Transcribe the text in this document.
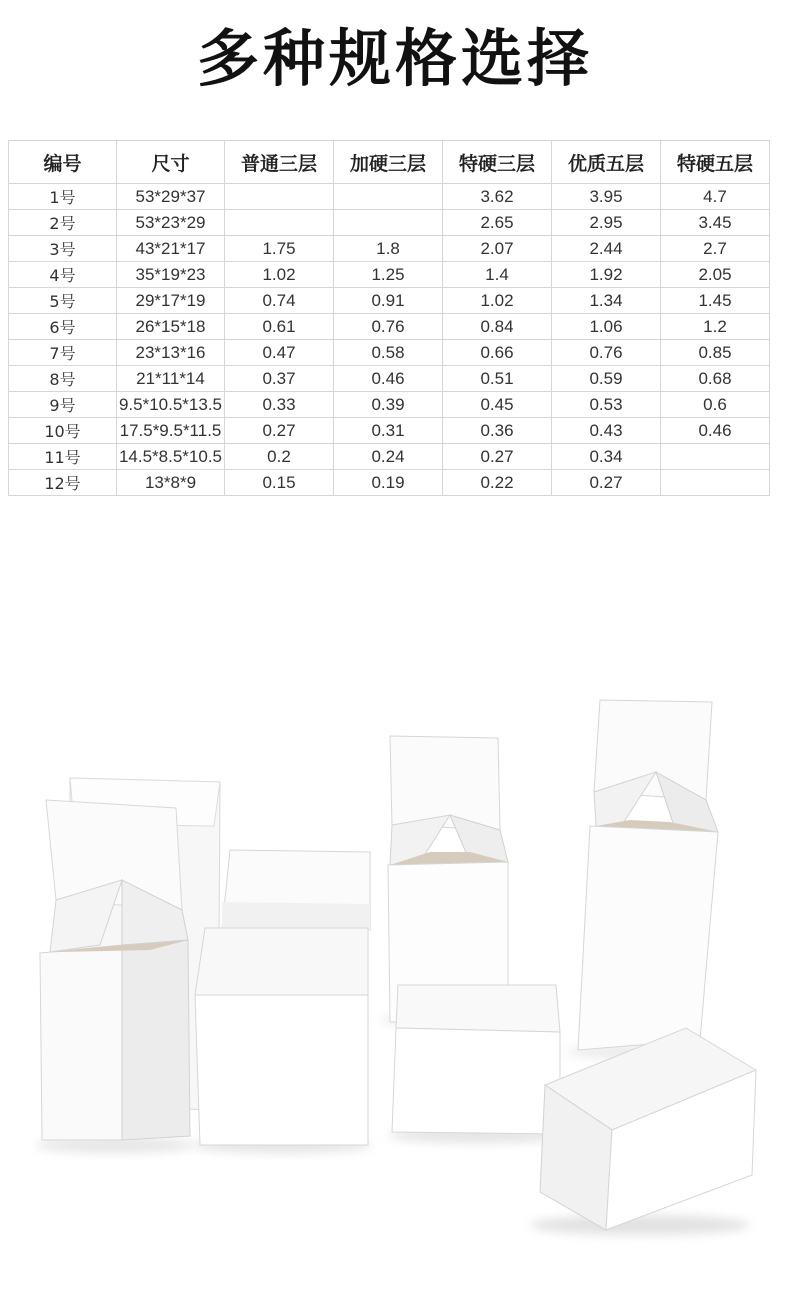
多种规格选择
编号	尺寸	普通三层	加硬三层	特硬三层	优质五层	特硬五层
1号	53*29*37			3.62	3.95	4.7
2号	53*23*29			2.65	2.95	3.45
3号	43*21*17	1.75	1.8	2.07	2.44	2.7
4号	35*19*23	1.02	1.25	1.4	1.92	2.05
5号	29*17*19	0.74	0.91	1.02	1.34	1.45
6号	26*15*18	0.61	0.76	0.84	1.06	1.2
7号	23*13*16	0.47	0.58	0.66	0.76	0.85
8号	21*11*14	0.37	0.46	0.51	0.59	0.68
9号	9.5*10.5*13.5	0.33	0.39	0.45	0.53	0.6
10号	17.5*9.5*11.5	0.27	0.31	0.36	0.43	0.46
11号	14.5*8.5*10.5	0.2	0.24	0.27	0.34	
12号	13*8*9	0.15	0.19	0.22	0.27	
